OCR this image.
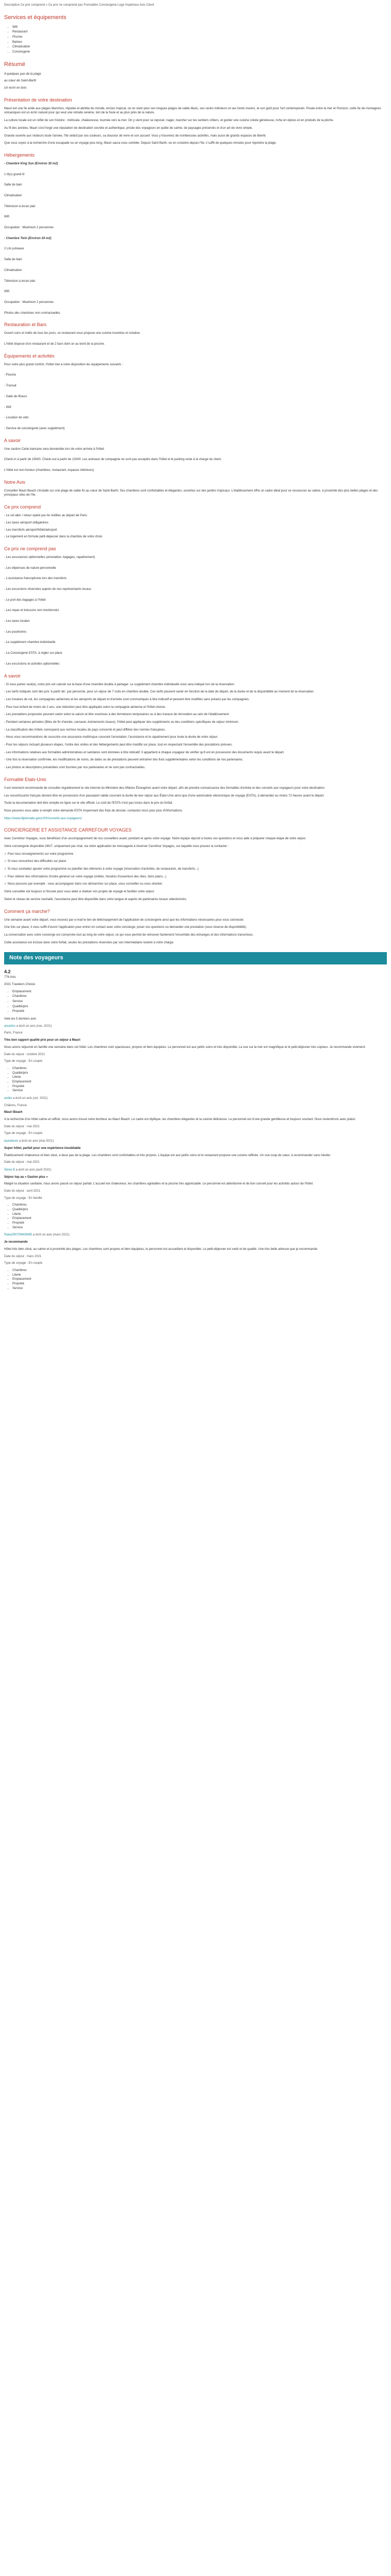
Description Ce prix comprend » Ce prix ne comprend pas Formalités Conciergerie Loge Impérieux Avis Client
Services et équipements
• Wifi
• Restaurant
• Piscine
• Balneo
• Climatisation
• Conciergerie
Résumé
4 quelques pas de la plage
au cœur de Saint-Barth
Un écrin en bois
Présentation de votre destination

Mauri est une île aride aux plages blanches, réputée et abritée du monde, enclos tropical, où on vient pour ses longues plages de sable blanc, ses ravins intérieurs et ses fonds marins, et son goût pour l'art contemporain. Posée entre la mer et l'horizon, cette île de montagnes volcaniques est un écrin naturel pour qui veut une retraite sereine, loin de la foule et au plus près de la nature.

La culture locale est un reflet de son histoire : métissée, chaleureuse, tournée vers la mer. On y vient pour se reposer, nager, marcher sur les sentiers côtiers, et goûter une cuisine créole généreuse, riche en épices et en produits de la pêche.

Au fil des années, Mauri s'est forgé une réputation de destination secrète et authentique, prisée des voyageurs en quête de calme, de paysages préservés et d'un art de vivre simple.

Grande ouverte aux visiteurs toute l'année, l'île séduit par ses couleurs, sa douceur de vivre et son accueil. Vous y trouverez de nombreuses activités, mais aussi de grands espaces de liberté.

Que vous soyez à la recherche d'une escapade ou un voyage plus long, Mauri saura vous combler. Depuis Saint Barth, ou en croisière depuis l'île, il suffit de quelques minutes pour rejoindre la plage.

Hébergements
- Chambre King Sun (Environ 30 m2)
1 lit(s) grand lit
Salle de bain
Climatisation
Télévision à écran plat
Wifi
Occupation : Maximum 2 personnes
- Chambre Twin (Environ 24 m2)
2 Lits jumeaux
Salle de bain
Climatisation
Télévision à écran plat
Wifi
Occupation : Maximum 2 personnes
Photos des chambres non contractuelles.
Restauration et Bars
Ouvert soirs et midis de tous les jours, ce restaurant vous propose une cuisine inventive et créative.
L'hôtel dispose d'un restaurant et de 2 bars dont un au bord de la piscine.
Équipements et activités
Pour votre plus grand confort, l'hôtel met à votre disposition les équipements suivants :
- Piscine
- Transat
- Salle de fitness
- Wifi
- Location de vélo
- Service de conciergerie (avec supplément)
A savoir
Une caution Carte bancaire sera demandée lors de votre arrivée à l'hôtel.
Check-in à partir de 15h00. Check-out à partir de 12h00. Les animaux de compagnie ne sont pas acceptés dans l'hôtel et le parking reste à la charge du client.
L'hôtel est non-fumeur (chambres, restaurant, espaces intérieurs).
Notre Avis

Conseiller Mauri Beach s'installe sur une plage de sable fin au cœur de Saint-Barth. Ses chambres sont confortables et élégantes, ouvertes sur des jardins tropicaux. L'établissement offre un cadre idéal pour se ressourcer au calme, à proximité des plus belles plages et des principaux sites de l'île.

Ce prix comprend
- Le vol aller / retour opéré par Air Antilles au départ de Paris
- Les taxes aéroport obligatoires
- Les transferts aéroport/hôtel/aéroport
- Le logement en formule petit-déjeuner dans la chambre de votre choix
Ce prix ne comprend pas
- Les assurances optionnelles (annulation, bagages, rapatriement)
- Les dépenses de nature personnelle
- L'assistance francophone lors des transferts
- Les excursions réservées auprès de nos représentants locaux
- Le port des bagages à l'hôtel
- Les repas et boissons non mentionnés
- Les taxes locales
- Les pourboires
- Le supplément chambre individuelle
- La Conciergerie ESTA, à régler sur place
- Les excursions et activités optionnelles
A savoir

- Si vous partez seul(e), notre prix est calculé sur la base d'une chambre double à partager. Le supplément chambre individuelle vous sera indiqué lors de la réservation.

- Les tarifs indiqués sont des prix 'à partir de', par personne, pour un séjour de 7 nuits en chambre double. Ces tarifs peuvent varier en fonction de la date de départ, de la durée et de la disponibilité au moment de la réservation.

- Les horaires de vol, les compagnies aériennes et les aéroports de départ et d'arrivée sont communiqués à titre indicatif et peuvent être modifiés sans préavis par les compagnies.

- Pour tout enfant de moins de 2 ans, une réduction peut être appliquée selon la compagnie aérienne et l'hôtel choisis.

- Les prestations proposées peuvent varier selon la saison et être soumises à des fermetures temporaires ou à des travaux de rénovation au sein de l'établissement.

- Pendant certaines périodes (fêtes de fin d'année, carnaval, événements locaux), l'hôtel peut appliquer des suppléments ou des conditions spécifiques de séjour minimum.

- La classification des hôtels correspond aux normes locales du pays concerné et peut différer des normes françaises.

- Nous vous recommandons de souscrire une assurance multirisque couvrant l'annulation, l'assistance et le rapatriement pour toute la durée de votre séjour.

- Pour les séjours incluant plusieurs étapes, l'ordre des visites et des hébergements peut être modifié sur place, tout en respectant l'ensemble des prestations prévues.

- Les informations relatives aux formalités administratives et sanitaires sont données à titre indicatif. Il appartient à chaque voyageur de vérifier qu'il est en possession des documents requis avant le départ.

- Une fois la réservation confirmée, les modifications de noms, de dates ou de prestations peuvent entraîner des frais supplémentaires selon les conditions de nos partenaires.

- Les photos et descriptions présentées sont fournies par nos partenaires et ne sont pas contractuelles.

Formalité Etats-Unis

Il est vivement recommandé de consulter régulièrement le site internet du Ministère des Affaires Étrangères avant votre départ, afin de prendre connaissance des formalités d'entrée et des conseils aux voyageurs pour votre destination.

Les ressortissants français doivent être en possession d'un passeport valide couvrant la durée de leur séjour aux États-Unis ainsi que d'une autorisation électronique de voyage (ESTA), à demander au moins 72 heures avant le départ.

Toute la documentation doit être remplie en ligne sur le site officiel. Le coût de l'ESTA n'est pas inclus dans le prix du forfait.

Nous pouvons vous aider à remplir votre demande ESTA moyennant des frais de dossier, contactez-nous pour plus d'informations.

https://www.diplomatie.gouv.fr/fr/conseils-aux-voyageurs/

CONCIERGERIE ET ASSISTANCE CARREFOUR VOYAGES

Avec Carrefour Voyages, vous bénéficiez d'un accompagnement de nos conseillers avant, pendant et après votre voyage. Notre équipe répond à toutes vos questions et vous aide à préparer chaque étape de votre séjour.

Votre conciergerie disponible 24h/7, uniquement par chat, via notre application de messagerie à réserver Carrefour Voyages, sur laquelle vous pouvez la contacter :

✓ Pour tous renseignements sur votre programme

✓ Si vous rencontrez des difficultés sur place

✓ Si vous souhaitez ajouter votre programme ou planifier des éléments à votre voyage (réservation d'activités, de restaurants, de transferts...)

✓ Pour obtenir des informations d'ordre général sur votre voyage (météo, horaires d'ouverture des sites, bons plans...)

✓ Nous pouvons par exemple : vous accompagner dans vos démarches sur place, vous conseiller ou vous orienter.

Votre conseiller est toujours à l'écoute pour vous aider à réaliser vos projets de voyage et faciliter votre séjour.

Selon le niveau de service souhaité, l'assistance peut être disponible dans votre langue et auprès de partenaires locaux sélectionnés.

Comment ça marche?

Une semaine avant votre départ, vous recevez par e-mail le lien de téléchargement de l'application de conciergerie ainsi que les informations nécessaires pour vous connecter.

Une fois sur place, il vous suffit d'ouvrir l'application pour entrer en contact avec votre concierge, poser vos questions ou demander une prestation (sous réserve de disponibilité).

La conversation avec votre concierge est conservée tout au long de votre séjour, ce qui vous permet de retrouver facilement l'ensemble des échanges et des informations transmises.

Cette assistance est incluse dans votre forfait, seules les prestations réservées par son intermédiaire restent à votre charge.

Note des voyageurs
4.2
776 Avis
2021 Travelers Choice
• Emplacement
• Chambres
• Service
• Qualité/prix
• Propreté
Voté les 5 derniers avis
ancelins a écrit un avis (nov. 2021)
Paris, France
Très bon rapport qualité prix pour un séjour à Mauri
Nous avons séjourné en famille une semaine dans cet hôtel. Les chambres sont spacieuses, propres et bien équipées. Le personnel est aux petits soins et très disponible. La vue sur la mer est magnifique et le petit-déjeuner très copieux. Je recommande vivement.
Date du séjour : octobre 2021
Type de voyage : En couple
• Chambres
• Qualité/prix
• Literie
• Emplacement
• Propreté
• Service
andre a écrit un avis (oct. 2021)
Châlons, France
Mauri Beach
A la recherche d'un hôtel calme et raffiné, nous avons trouvé notre bonheur au Mauri Beach. Le cadre est idyllique, les chambres élégantes et la cuisine délicieuse. Le personnel est d'une grande gentillesse et toujours souriant. Nous reviendrons avec plaisir.
Date du séjour : mai 2021
Type de voyage : En couple
laurafaure a écrit un avis (mai 2021)
Super hôtel, parfait pour une expérience inoubliable
Établissement chaleureux et bien situé, à deux pas de la plage. Les chambres sont confortables et très propres. L'équipe est aux petits soins et le restaurant propose une cuisine raffinée. Un vrai coup de cœur, à recommander sans hésiter.
Date du séjour : mai 2021
Steve B a écrit un avis (avril 2021)
Séjour top au « Gaston plus »
Malgré la situation sanitaire, nous avons passé un séjour parfait. L'accueil est chaleureux, les chambres agréables et la piscine très appréciable. Le personnel est attentionné et de bon conseil pour les activités autour de l'hôtel.
Date du séjour : avril 2021
Type de voyage : En famille
• Chambres
• Qualité/prix
• Literie
• Emplacement
• Propreté
• Service
Raka290709409495 a écrit un avis (mars 2021)
Je recommande
Hôtel très bien situé, au calme et à proximité des plages. Les chambres sont propres et bien équipées, le personnel est accueillant et disponible. Le petit-déjeuner est varié et de qualité. Une très belle adresse que je recommande.
Date du séjour : mars 2021
Type de voyage : En couple
• Chambres
• Literie
• Emplacement
• Propreté
• Service
